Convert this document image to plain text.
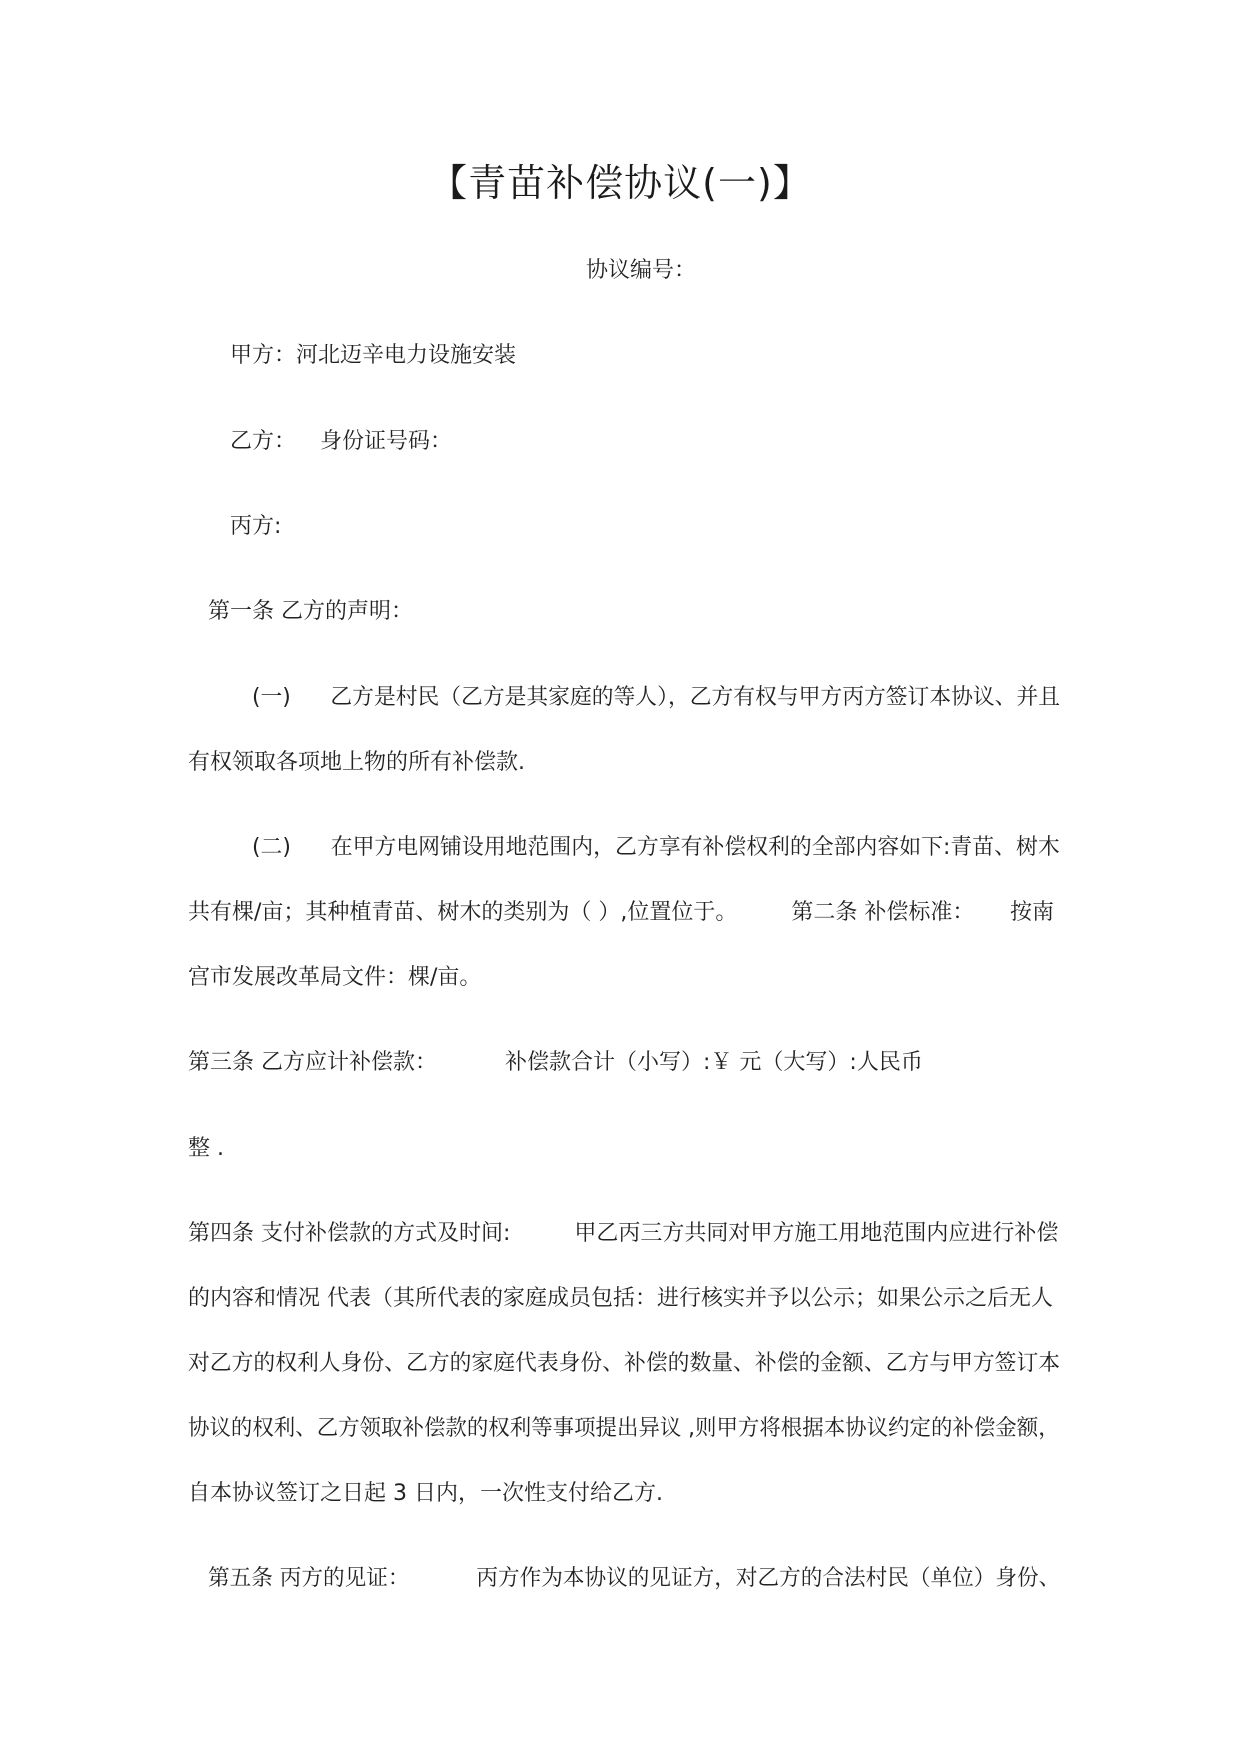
【青苗补偿协议(一)】
协议编号：
甲方：河北迈辛电力设施安装
乙方： 身份证号码：
丙方:
第一条 乙方的声明：
(一) 乙方是村民（乙方是其家庭的等人），乙方有权与甲方丙方签订本协议、并且
有权领取各项地上物的所有补偿款.
(二) 在甲方电网铺设用地范围内，乙方享有补偿权利的全部内容如下:青苗、树木
共有棵/亩；其种植青苗、树木的类别为（ ）,位置位于。 第二条 补偿标准： 按南
宫市发展改革局文件：棵/亩。
第三条 乙方应计补偿款：	补偿款合计（小写）:￥ 元（大写）:人民币
整 .
第四条 支付补偿款的方式及时间:	甲乙丙三方共同对甲方施工用地范围内应进行补偿
的内容和情况 代表（其所代表的家庭成员包括：进行核实并予以公示；如果公示之后无人
对乙方的权利人身份、乙方的家庭代表身份、补偿的数量、补偿的金额、乙方与甲方签订本
协议的权利、乙方领取补偿款的权利等事项提出异议 ,则甲方将根据本协议约定的补偿金额，
自本协议签订之日起 3 日内，一次性支付给乙方.
第五条 丙方的见证：	丙方作为本协议的见证方，对乙方的合法村民（单位）身份、
